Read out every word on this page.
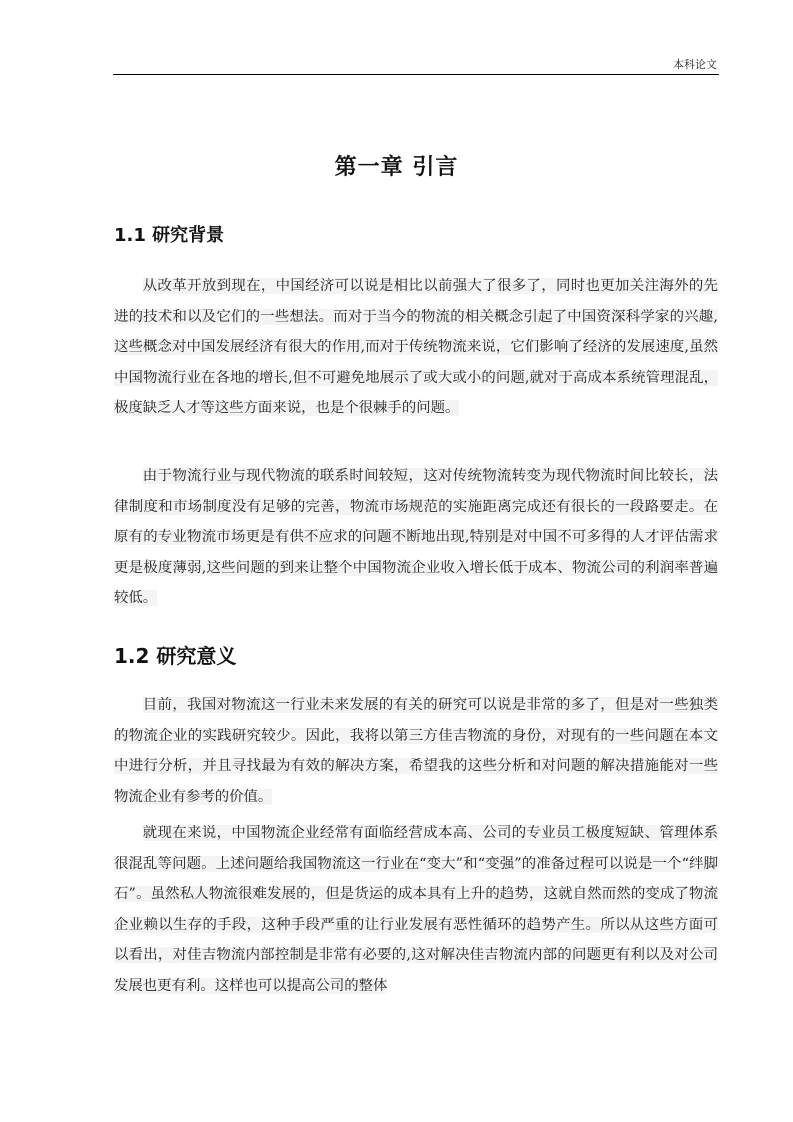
本科论文
第一章 引言
1.1 研究背景

从改革开放到现在，中国经济可以说是相比以前强大了很多了，同时也更加关注海外的先进的技术和以及它们的一些想法。而对于当今的物流的相关概念引起了中国资深科学家的兴趣,这些概念对中国发展经济有很大的作用,而对于传统物流来说，它们影响了经济的发展速度,虽然中国物流行业在各地的增长,但不可避免地展示了或大或小的问题,就对于高成本系统管理混乱，极度缺乏人才等这些方面来说，也是个很棘手的问题。

由于物流行业与现代物流的联系时间较短，这对传统物流转变为现代物流时间比较长，法律制度和市场制度没有足够的完善，物流市场规范的实施距离完成还有很长的一段路要走。在原有的专业物流市场更是有供不应求的问题不断地出现,特别是对中国不可多得的人才评估需求更是极度薄弱,这些问题的到来让整个中国物流企业收入增长低于成本、物流公司的利润率普遍较低。

1.2 研究意义

目前，我国对物流这一行业未来发展的有关的研究可以说是非常的多了，但是对一些独类的物流企业的实践研究较少。因此，我将以第三方佳吉物流的身份，对现有的一些问题在本文中进行分析，并且寻找最为有效的解决方案，希望我的这些分析和对问题的解决措施能对一些物流企业有参考的价值。

就现在来说，中国物流企业经常有面临经营成本高、公司的专业员工极度短缺、管理体系很混乱等问题。上述问题给我国物流这一行业在“变大”和“变强”的准备过程可以说是一个“绊脚石”。虽然私人物流很难发展的，但是货运的成本具有上升的趋势，这就自然而然的变成了物流企业赖以生存的手段，这种手段严重的让行业发展有恶性循环的趋势产生。所以从这些方面可以看出，对佳吉物流内部控制是非常有必要的,这对解决佳吉物流内部的问题更有利以及对公司发展也更有利。这样也可以提高公司的整体
